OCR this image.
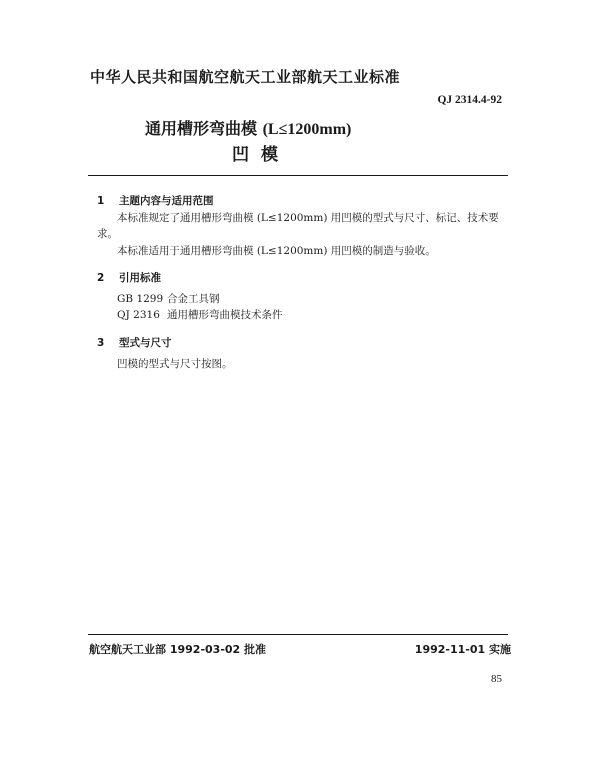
中华人民共和国航空航天工业部航天工业标准
QJ 2314.4-92
通用槽形弯曲模 (L≤1200mm)
凹模
1 主题内容与适用范围
本标准规定了通用槽形弯曲模 (L≤1200mm) 用凹模的型式与尺寸、标记、技术要
求。
本标准适用于通用槽形弯曲模 (L≤1200mm) 用凹模的制造与验收。
2 引用标准
GB 1299 合金工具钢
QJ 2316 通用槽形弯曲模技术条件
3 型式与尺寸
凹模的型式与尺寸按图。
航空航天工业部 1992-03-02 批准	1992-11-01 实施
85
